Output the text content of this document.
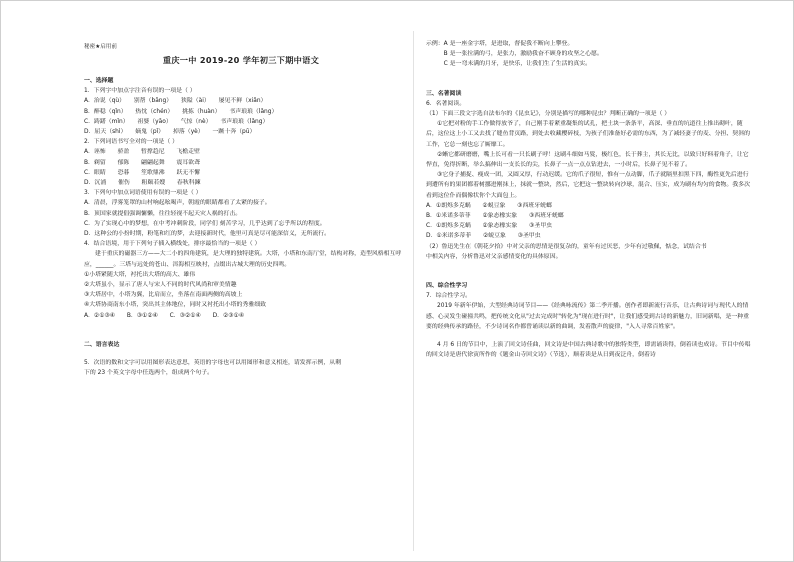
秘密★启用前
重庆一中 2019-20 学年初三下期中语文
一、选择题
1．下列字中加点字注音有误的一项是（ ）
A．治说（qù）　　别帮（bāng）　　狭隘（ài）　　屡见不鲜（xiǎn）
B．醉稳（qǐn）　　热忱（chén）　　挑拣（huàn）　　书声琅琅（lǎng）
C．踌躇（mǐn）　　祖婆（yāo）　　气惊（nè）　　书声琅琅（lǎng）
D．屈天（shì）　　嫡鬼（pǐ）　　掉落（yè）　　一蹶十奔（pū）
2．下列词语书写全对的一项是（ ）
A．诬怖　　骄盈　　暂撑趋尼　　飞檐走壁
B．剃留　　郁陈　　翩翩起舞　　震耳欲聋
C．眼睛　　恐暮　　笙歌鼎沸　　跃无不懈
D．沉浦　　催伤　　粗颐若嫂　　春秋科鍊
3．下列句中加点词语使用有误的一项是（ ）
A．清晨，浮雾笼罩的山村响起吆喝声，朝霞的眼睛都看了太紧的接子。
B．顶国家就提倡强调慵懒，往往轻视不起天灾人祸的打击。
C．为了实现心中的梦想，在中考冲刺阶段，同学们 刻苦学习，几乎达到了忘乎所以的程度。
D．这种公的小扮时期，粉笔和红的梦，去迎接新时代，他里可真是尽可能深信义，无所流行。
4．结合语境，用于下列句子插入横线处，排序最恰当的一项是（ ）
建于重庆的磁器三方——大二小的四角建筑，是大理的独特建筑。大塔，小塔和东南厅堂，结构对称，造型风格相互呼应，______。三塔与远处的苍山、洱海相互映衬，点缀出古城大理的历史四鸣。
①小塔紧随大塔，衬托出大塔的高大、雄伟
②大塔虽小，显示了唐人与宋人不同的时代风尚和审美情趣
③大塔居中，小塔为翼，比肩而立，坐落在南面两侧的高坡上
④大塔协商南东小塔，突出其主体地位，同时又衬托出小塔的秀雅细致
A．②①③④　　B．③①②④　　C．③②①④　　D．②③①④
二、语言表达
5．次语的数和文字可以用图形表达意思，英语的字母也可以用图形和意义相连，请发挥示例，从剩
下的 23 个英文字母中任选两个，组成两个句子。
示例：A 是一座金字塔，是进取，督促我不断向上攀登。
　　　B 是一张拉满的弓，是张力，激励我奋不顾身的攻坚之心愿。
　　　C 是一弯未满的月牙，是快乐，让我们生了生活的真实。
三、名著阅读
6．名著阅读。
（1）下面三段文字选自法布尔的《昆虫记》，分别是描写的哪种昆虫？判断正确的一项是（ ）
①它把对粉的手工作做得放爷了，自己刚手着紧重凝集的试孔，把土块一条条平，高深、垂直的坑道往上推出砌叶，随后，这位这上小工又去找了缝鱼背页路，到处去收藏樱碎枝，为孩子们准备好必需的东西，为了减轻妻子的麦、分担、契斜的工作，它总一刻也忘了厮靡工。
②蜥它都研磨磨，嘴上长可看一只长刷子呼！这刷斗细如马髮，极红色，长于葬主，其长无比，以致只好料着角子，让它悍直，免得折断，举么搞伸出一支长长的尖，长鼻子一点一点点钻进去，一小时后，长鼻子见不着了。
③它身子捕捉、瘦成一团，又圆又厚，行动迟缓。它的爪子很短，惟有一点动脚，爪子就隔里扣黑下四，酶性更先后进行到遭所有的果团都着树挪进刚抹上，抹就一整块，然后，它把这一整块转向沙球，混合、压实，成为刷有均匀的食物。我多次看到这位仆而偶像状你个大面包上。
A．①朗烁多克蜗　　②蜕豆象　　③西班牙蜣螂
B．①米诺多蒂菲　　②象态橡实象　　③西班牙蜣螂
C．①朗烁多克蜗　　②象态橡实象　　③圣甲虫
D．①米诺多蒂菲　　②蜕豆象　　③圣甲虫
（2）鲁迅先生在《朝花夕拾》中对父亲的思情是很复杂的，童年有过厌恶，少年有过敬佩，惦念，试结合书
中相关内容，分析鲁迅对父亲感情变化的具体原因。
四、综合性学习
7．综合性学习。
2019 年新年伊始，大型经典诗词节目——《经典咏流传》第二季开播。创作者即新流行音乐，让古典诗词与现代人的情感、心灵发生碰撞共鸣，把传统文化从"过去完成时"转化为"现在进行时"，让我们感受到古诗的新魅力，旧词新唱，是一种重要的经典传承的路径，不少诗词名作都曾诵读以新的曲调，发着散声的旋律，"入人寻常百姓家"。
4 月 6 日的节目中，上演了回文诗佳曲，回文诗是中国古典诗歌中的独特类型，即需诵读得，倒着读也成诗。节目中传唱的回文诗是唐代徐寅所作的《题金山寺回文诗》（节选），顺着读是从日到夜泛舟，倒着诗
